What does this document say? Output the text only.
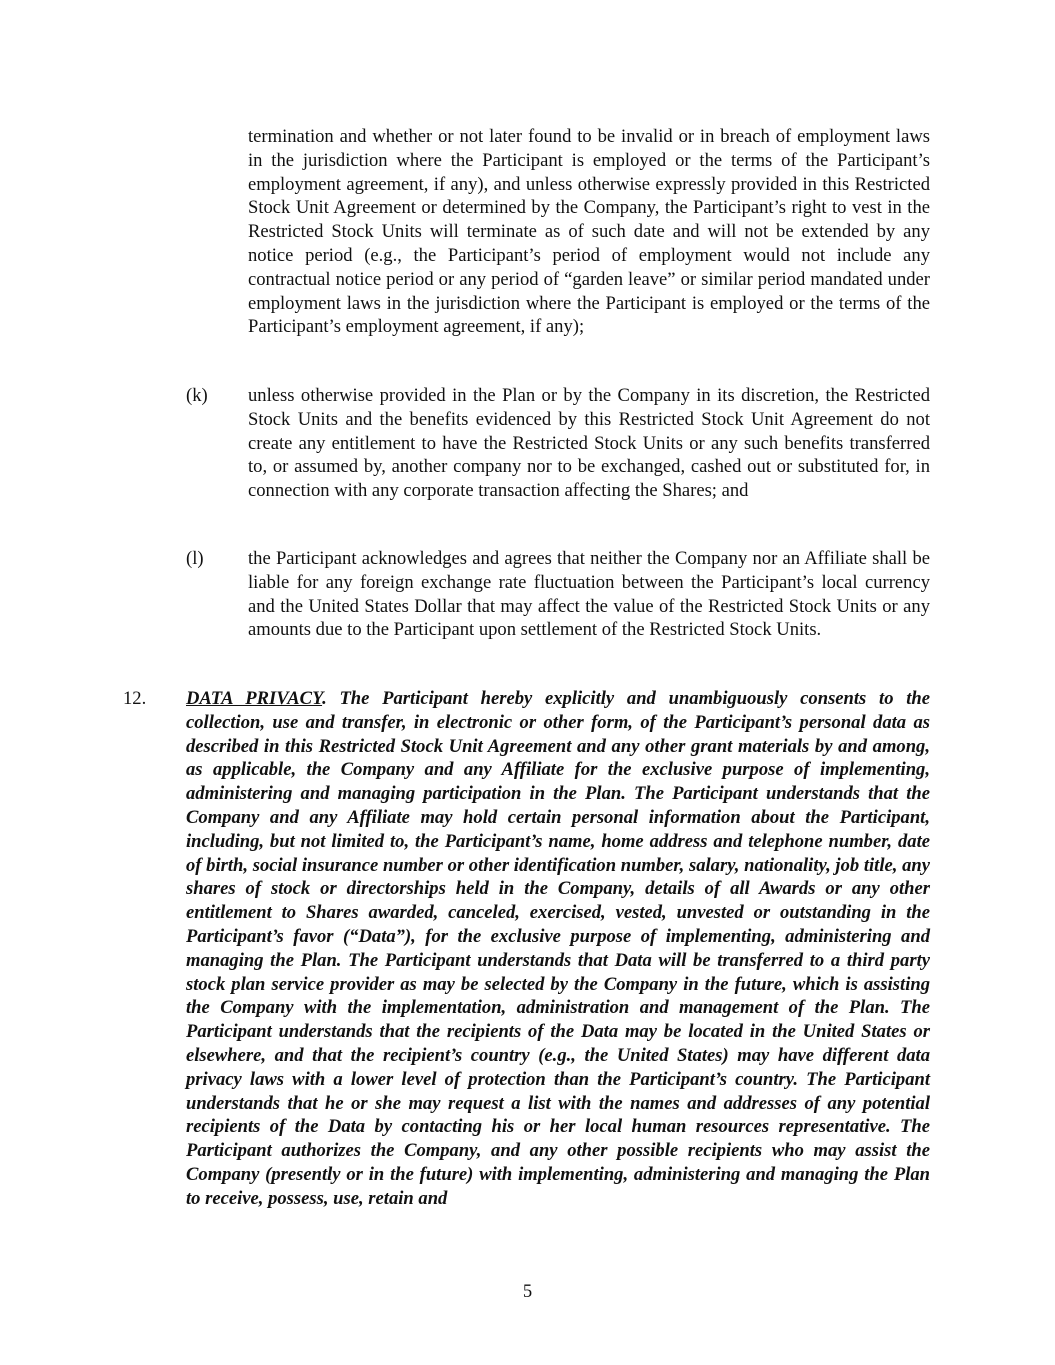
termination and whether or not later found to be invalid or in breach of employment laws in the jurisdiction where the Participant is employed or the terms of the Participant’s employment agreement, if any), and unless otherwise expressly provided in this Restricted Stock Unit Agreement or determined by the Company, the Participant’s right to vest in the Restricted Stock Units will terminate as of such date and will not be extended by any notice period (e.g., the Participant’s period of employment would not include any contractual notice period or any period of “garden leave” or similar period mandated under employment laws in the jurisdiction where the Participant is employed or the terms of the Participant’s employment agreement, if any);

(k) unless otherwise provided in the Plan or by the Company in its discretion, the Restricted Stock Units and the benefits evidenced by this Restricted Stock Unit Agreement do not create any entitlement to have the Restricted Stock Units or any such benefits transferred to, or assumed by, another company nor to be exchanged, cashed out or substituted for, in connection with any corporate transaction affecting the Shares; and

(l) the Participant acknowledges and agrees that neither the Company nor an Affiliate shall be liable for any foreign exchange rate fluctuation between the Participant’s local currency and the United States Dollar that may affect the value of the Restricted Stock Units or any amounts due to the Participant upon settlement of the Restricted Stock Units.

12. DATA PRIVACY. The Participant hereby explicitly and unambiguously consents to the collection, use and transfer, in electronic or other form, of the Participant’s personal data as described in this Restricted Stock Unit Agreement and any other grant materials by and among, as applicable, the Company and any Affiliate for the exclusive purpose of implementing, administering and managing participation in the Plan. The Participant understands that the Company and any Affiliate may hold certain personal information about the Participant, including, but not limited to, the Participant’s name, home address and telephone number, date of birth, social insurance number or other identification number, salary, nationality, job title, any shares of stock or directorships held in the Company, details of all Awards or any other entitlement to Shares awarded, canceled, exercised, vested, unvested or outstanding in the Participant’s favor (“Data”), for the exclusive purpose of implementing, administering and managing the Plan. The Participant understands that Data will be transferred to a third party stock plan service provider as may be selected by the Company in the future, which is assisting the Company with the implementation, administration and management of the Plan. The Participant understands that the recipients of the Data may be located in the United States or elsewhere, and that the recipient’s country (e.g., the United States) may have different data privacy laws with a lower level of protection than the Participant’s country. The Participant understands that he or she may request a list with the names and addresses of any potential recipients of the Data by contacting his or her local human resources representative. The Participant authorizes the Company, and any other possible recipients who may assist the Company (presently or in the future) with implementing, administering and managing the Plan to receive, possess, use, retain and

5
